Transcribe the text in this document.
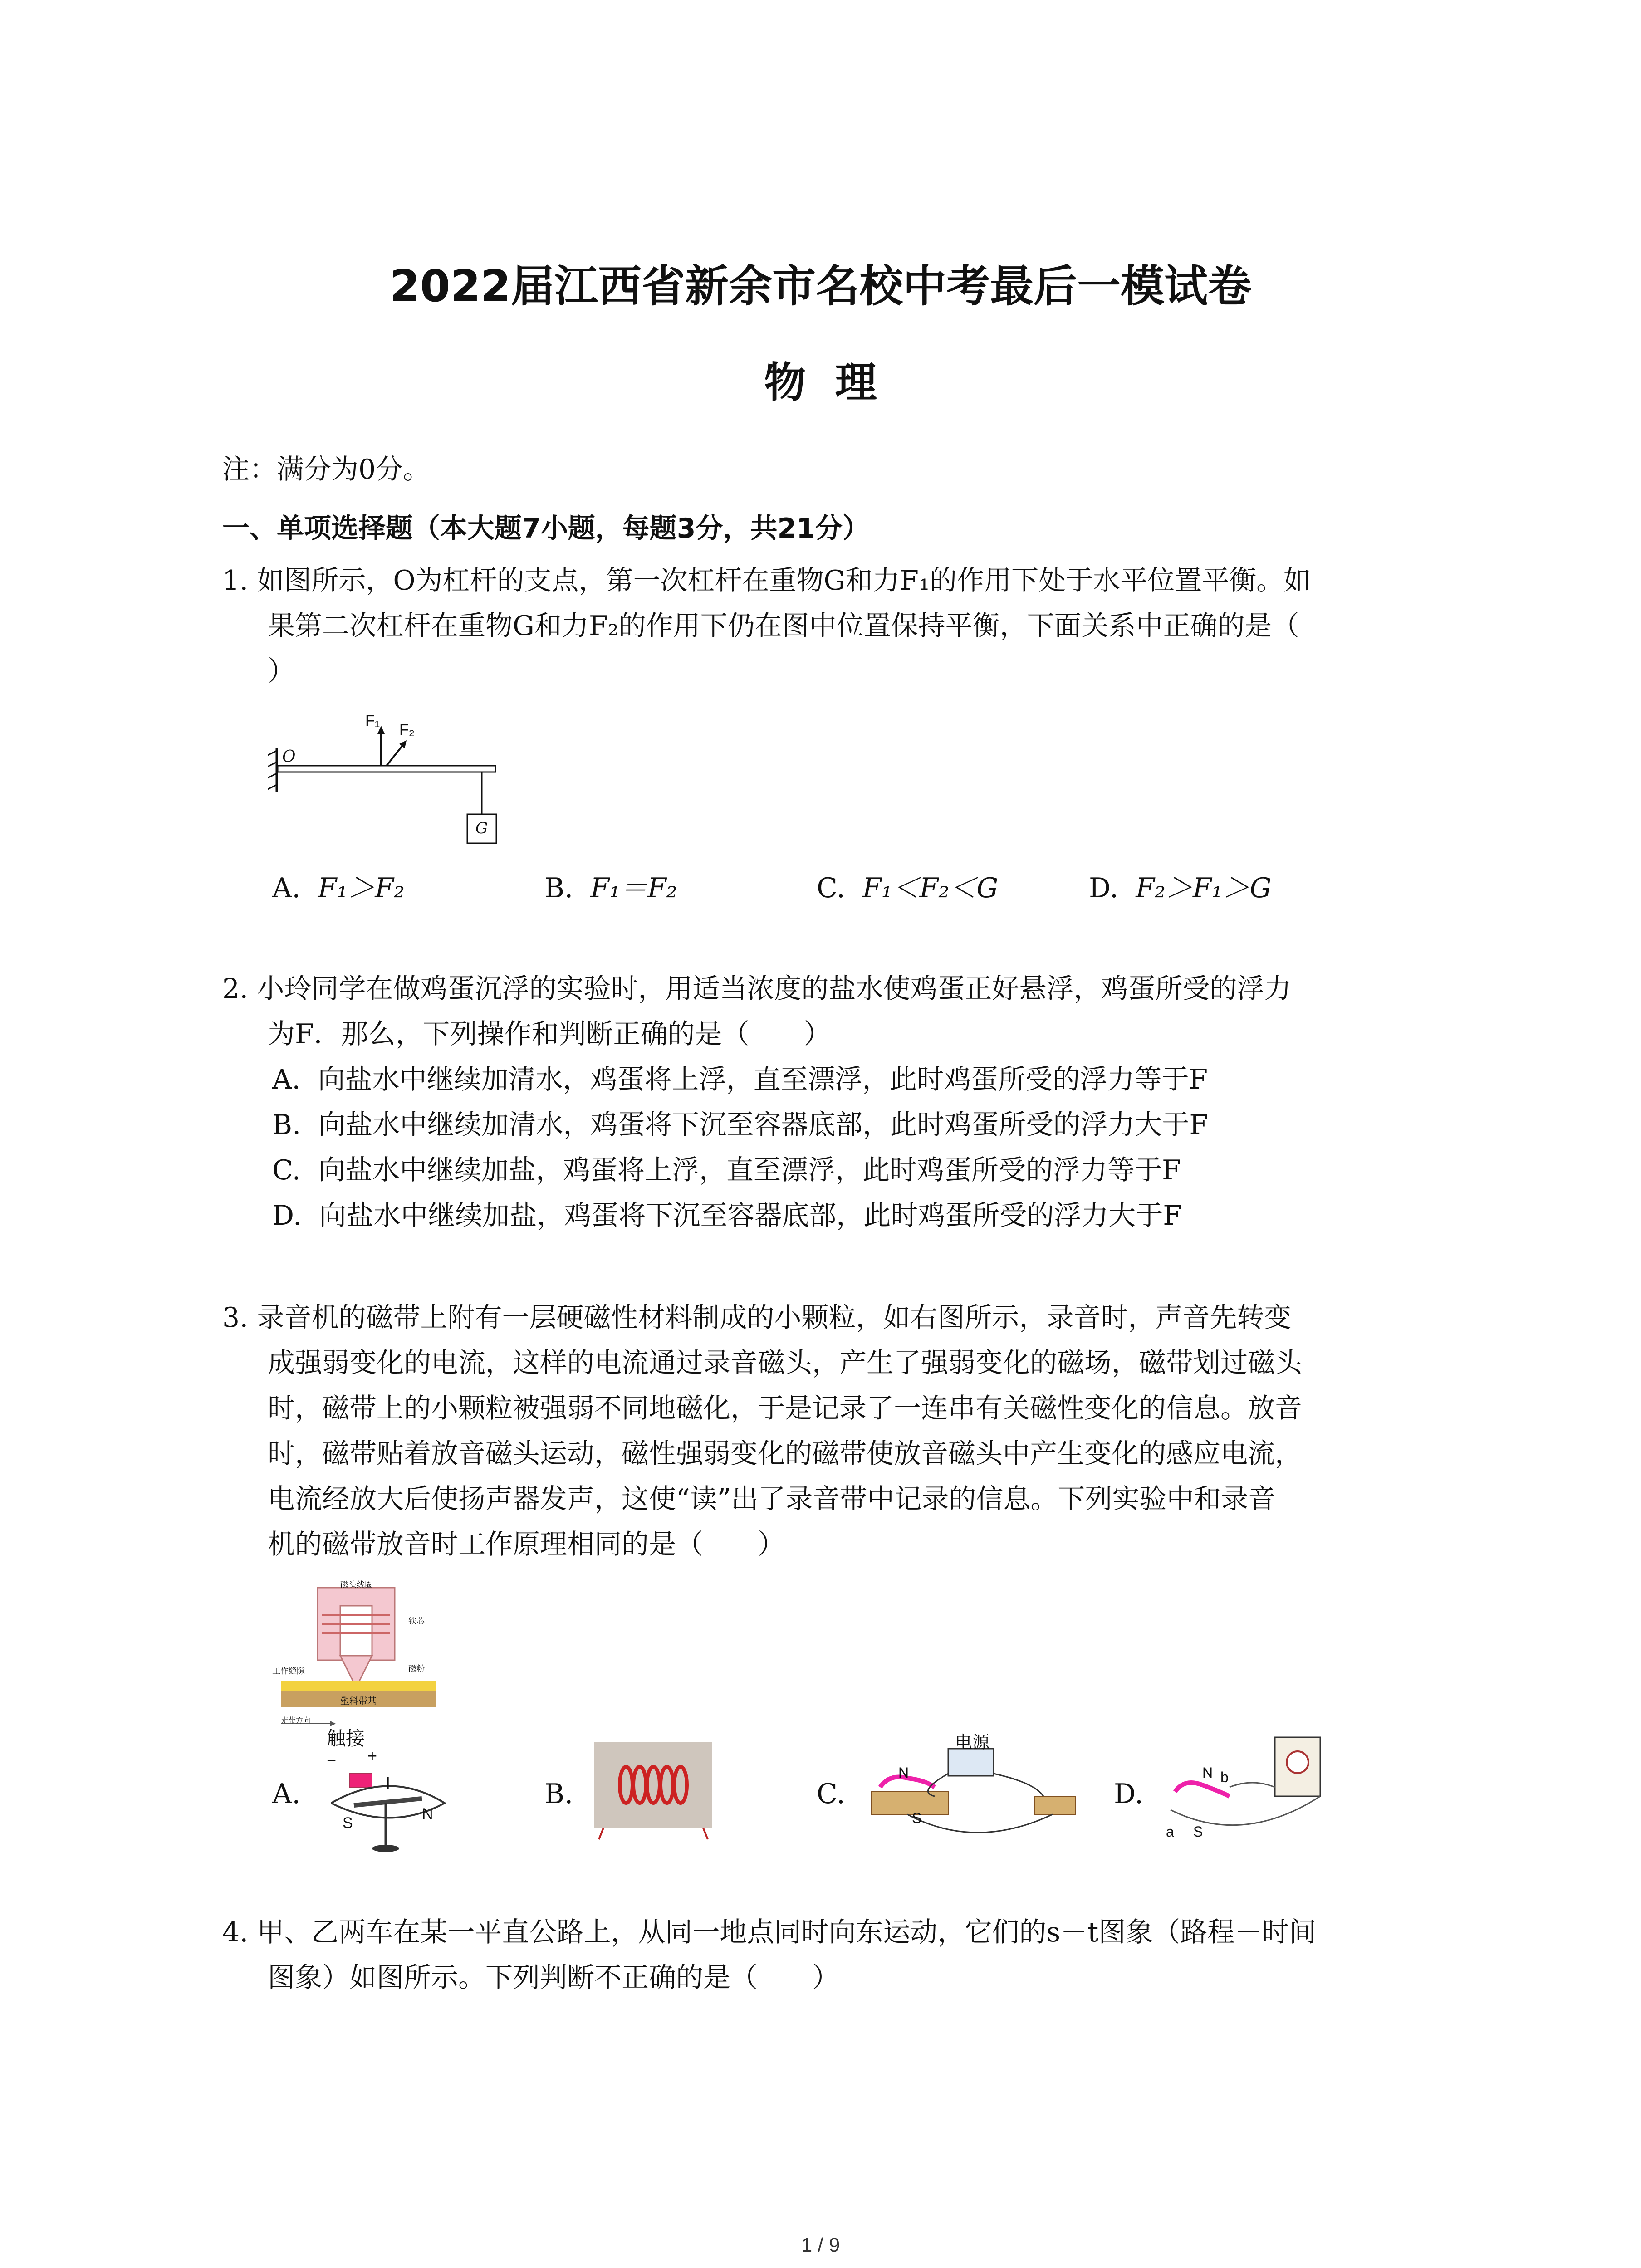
2022届江西省新余市名校中考最后一模试卷
物  理
注：满分为0分。
一、单项选择题（本大题7小题，每题3分，共21分）
1. 如图所示，O为杠杆的支点，第一次杠杆在重物G和力F₁的作用下处于水平位置平衡。如
果第二次杠杆在重物G和力F₂的作用下仍在图中位置保持平衡，下面关系中正确的是（
）
O
F₁
F₂
G
A. F₁＞F₂	B. F₁＝F₂	C. F₁＜F₂＜G	D. F₂＞F₁＞G
2. 小玲同学在做鸡蛋沉浮的实验时，用适当浓度的盐水使鸡蛋正好悬浮，鸡蛋所受的浮力
为F．那么，下列操作和判断正确的是（　　）
A. 向盐水中继续加清水，鸡蛋将上浮，直至漂浮，此时鸡蛋所受的浮力等于F
B. 向盐水中继续加清水，鸡蛋将下沉至容器底部，此时鸡蛋所受的浮力大于F
C. 向盐水中继续加盐，鸡蛋将上浮，直至漂浮，此时鸡蛋所受的浮力等于F
D. 向盐水中继续加盐，鸡蛋将下沉至容器底部，此时鸡蛋所受的浮力大于F
3. 录音机的磁带上附有一层硬磁性材料制成的小颗粒，如右图所示，录音时，声音先转变
成强弱变化的电流，这样的电流通过录音磁头，产生了强弱变化的磁场，磁带划过磁头
时，磁带上的小颗粒被强弱不同地磁化，于是记录了一连串有关磁性变化的信息。放音
时，磁带贴着放音磁头运动，磁性强弱变化的磁带使放音磁头中产生变化的感应电流，
电流经放大后使扬声器发声，这使“读”出了录音带中记录的信息。下列实验中和录音
机的磁带放音时工作原理相同的是（　　）
磁头线圈
铁芯
工作缝隙	磁粉
塑料带基
走带方向
A.
触接
− +
I
S
N
B.	C.
电源
N
S
D.
N b
a S
4. 甲、乙两车在某一平直公路上，从同一地点同时向东运动，它们的s－t图象（路程－时间
图象）如图所示。下列判断不正确的是（　　）
1 / 9
